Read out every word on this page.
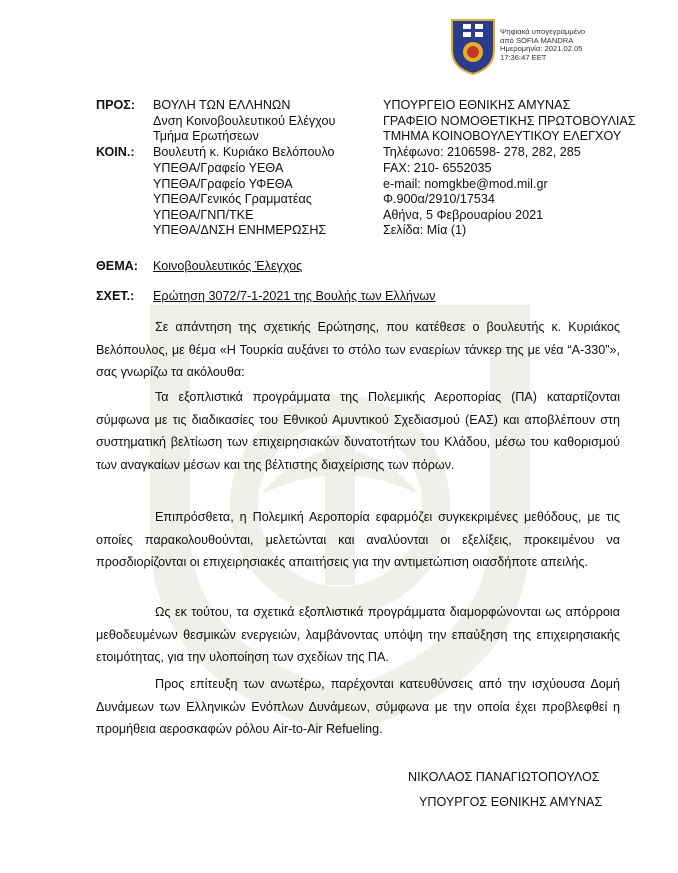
Ψηφιακά υπογεγραμμένο
από SOFIA MANDRA
Ημερομηνία: 2021.02.05
17:36:47 EET
ΠΡΟΣ: ΒΟΥΛΗ ΤΩΝ ΕΛΛΗΝΩΝ
Δνση Κοινοβουλευτικού Ελέγχου
Τμήμα Ερωτήσεων
ΚΟΙΝ.: Βουλευτή κ. Κυριάκο Βελόπουλο
ΥΠΕΘΑ/Γραφείο ΥΕΘΑ
ΥΠΕΘΑ/Γραφείο ΥΦΕΘΑ
ΥΠΕΘΑ/Γενικός Γραμματέας
ΥΠΕΘΑ/ΓΝΠ/ΤΚΕ
ΥΠΕΘΑ/ΔΝΣΗ ΕΝΗΜΕΡΩΣΗΣ
ΥΠΟΥΡΓΕΙΟ ΕΘΝΙΚΗΣ ΑΜΥΝΑΣ
ΓΡΑΦΕΙΟ ΝΟΜΟΘΕΤΙΚΗΣ ΠΡΩΤΟΒΟΥΛΙΑΣ
ΤΜΗΜΑ ΚΟΙΝΟΒΟΥΛΕΥΤΙΚΟΥ ΕΛΕΓΧΟΥ
Τηλέφωνο: 2106598- 278, 282, 285
FAX: 210- 6552035
e-mail: nomgkbe@mod.mil.gr
Φ.900α/2910/17534
Αθήνα, 5 Φεβρουαρίου 2021
Σελίδα: Μία (1)
ΘΕΜΑ: Κοινοβουλευτικός Έλεγχος
ΣΧΕΤ.: Ερώτηση 3072/7-1-2021 της Βουλής των Ελλήνων
Σε απάντηση της σχετικής Ερώτησης, που κατέθεσε ο βουλευτής κ. Κυριάκος Βελόπουλος, με θέμα «Η Τουρκία αυξάνει το στόλο των εναερίων τάνκερ της με νέα “Α-330”», σας γνωρίζω τα ακόλουθα:
Τα εξοπλιστικά προγράμματα της Πολεμικής Αεροπορίας (ΠΑ) καταρτίζονται σύμφωνα με τις διαδικασίες του Εθνικού Αμυντικού Σχεδιασμού (ΕΑΣ) και αποβλέπουν στη συστηματική βελτίωση των επιχειρησιακών δυνατοτήτων του Κλάδου, μέσω του καθορισμού των αναγκαίων μέσων και της βέλτιστης διαχείρισης των πόρων.
Επιπρόσθετα, η Πολεμική Αεροπορία εφαρμόζει συγκεκριμένες μεθόδους, με τις οποίες παρακολουθούνται, μελετώνται και αναλύονται οι εξελίξεις, προκειμένου να προσδιορίζονται οι επιχειρησιακές απαιτήσεις για την αντιμετώπιση οιασδήποτε απειλής.
Ως εκ τούτου, τα σχετικά εξοπλιστικά προγράμματα διαμορφώνονται ως απόρροια μεθοδευμένων θεσμικών ενεργειών, λαμβάνοντας υπόψη την επαύξηση της επιχειρησιακής ετοιμότητας, για την υλοποίηση των σχεδίων της ΠΑ.
Προς επίτευξη των ανωτέρω, παρέχονται κατευθύνσεις από την ισχύουσα Δομή Δυνάμεων των Ελληνικών Ενόπλων Δυνάμεων, σύμφωνα με την οποία έχει προβλεφθεί η προμήθεια αεροσκαφών ρόλου Air-to-Air Refueling.
ΝΙΚΟΛΑΟΣ ΠΑΝΑΓΙΩΤΟΠΟΥΛΟΣ
ΥΠΟΥΡΓΟΣ ΕΘΝΙΚΗΣ ΑΜΥΝΑΣ
